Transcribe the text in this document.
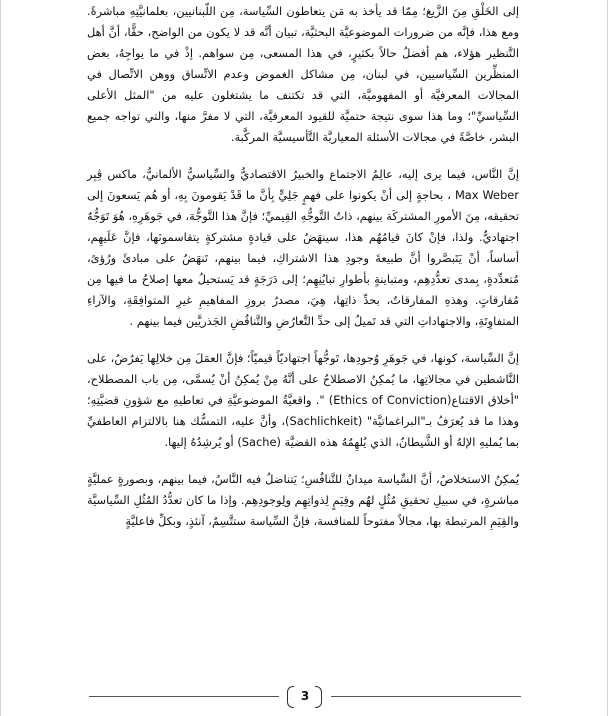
إلى الخَلْقِ مِنَ الزَّيغ؛ مِمّا قد يأخذ به مَن يتعاطون السِّياسة، مِن اللّبنانيين، بعلمانيَّتِهِ مباشرةً. ومع هذا، فإنَّه من ضرورات الموضوعيَّة البحثيَّة، تبيان أنَّه قد لا يكون من الواضح، حقًّا، أنَّ أهل التَّنظير هؤلاء، هم أفضلُ حالاً بكثيرٍ، في هذا المسعى، مِن سواهم. إذْ في ما يواجِهُ، بعض المنظِّرين السِّياسيين، في لبنان، مِن مشاكل الغموض وعدم الاتِّساق ووهن الاتِّصال في المجالات المعرفيَّة أو المفهوميَّة، التي قد تكتنف ما يشتغلون عليه من "المثل الأعلى السِّياسيِّ"؛ وما هذا سوى نتيجة حتميَّة للقيود المعرفيَّة، التي لا مفرَّ منها، والتي تواجه جميع البشر، خاصَّةً في مجالات الأسئلة المعياريَّة التَّأسيسيَّة المركَّبة.

إنَّ النَّاس، فيما يرى إليه، عالِمُ الاجتماع والخبيرُ الاقتصاديُّ والسِّياسيُّ الألمانيُّ، ماكس ڤِبِر Max Weber ، بحاجةٍ إلى أنْ يكونوا على فهمٍ جَلِيٍّ بِأنَّ ما قَدْ يَقومونَ بِهِ، أو هُم يَسعونَ إلى تحقيقه، مِنَ الأمورِ المشتركَة بينهم، ذاتُ التَّوجُّهِ القِيميِّ؛ فإنَّ هذا التَّوجُّهَ، في جَوهَرِهِ، هُوَ تَوَجُّهٌ اجتهاديٌّ. ولذا، فإنْ كانَ قيامُهُم هذا، سينهَضُ على قيادةٍ مشتركةٍ يتقاسمونَها، فإنَّ عَلَيهِم، أساساً، أنْ يَتَبصَّروا أنَّ طبيعةَ وجودِ هذا الاشتراكِ، فيما بينهم، تَنهَضُ على مبادئَ ورُؤىً، مُتعدِّدةٍ، بِمدى تعدُّدِهِم، ومتباينةٍ بأطوارِ تبايُنِهِم؛ إلى دَرَجَةٍ قد يَستحيلُ معها إصلاحُ ما فيها مِن مُفارقاتٍ. وهذهِ المفارقاتُ، بحدِّ ذاتِها، هِيَ، مصدرُ بروزِ المفاهيمِ غيرِ المتوافِقَةِ، والآراءِ المتفاوِتَةِ، والاجتهاداتِ التي قد تَميلُ إلى حدِّ التَّعارُضِ والتَّناقُضِ الجَذريَّين فيما بينهم .

إنَّ السِّياسة، كونها، في جَوهَرِ وُجودِها، تَوجُّهاً اجتهاديّاً قيميّاً؛ فإنَّ العمَلَ مِن خلالِها يَفرُضُ، على النَّاشطين في مجالاتِها، ما يُمكِنُ الاصطلاحُ على أنَّهُ مِنْ يُمكِنُ أنْ يُسمَّى، مِن باب المصطلاح، "أخلاق الاقتناع(Ethics of Conviction) ". واقعيَّةُ الموضوعيَّةِ في تعاطيهِ مع شؤونِ قضيَّتِهِ؛ وهذا ما قد يُعرَفُ بـ"البراغماتيَّة" (Sachlichkeit)، وأنَّ عليه، التمسُّك هنا بالالتزام العاطفيِّ بما يُمليهِ الإلهُ أو الشَّيطانُ، الذي يُلهِمُهُ هذه القضيَّة (Sache) أو يُرشِدُهُ إليها.

يُمكِنُ الاستخلاصُ، أنَّ السِّياسة ميدانٌ للتَّنافُسِ؛ يَتناضلُ فيه النَّاسُ، فيما بينهم، وبصورةٍ عمليَّةٍ مباشرةٍ، في سبيلِ تحقيقِ مُثُلٍ لهُم وقِيَمٍ لِذواتِهِم ولِوجودِهِم. وإذا ما كان تعدُّدُ المُثُلِ السِّياسيَّة والقِيَمِ المرتبطة بها، مجالاً مفتوحاً للمنافسة، فإنَّ السِّياسة ستتَّسِمُ، آنئذٍ، وبكلِّ فاعليَّةٍ

3
